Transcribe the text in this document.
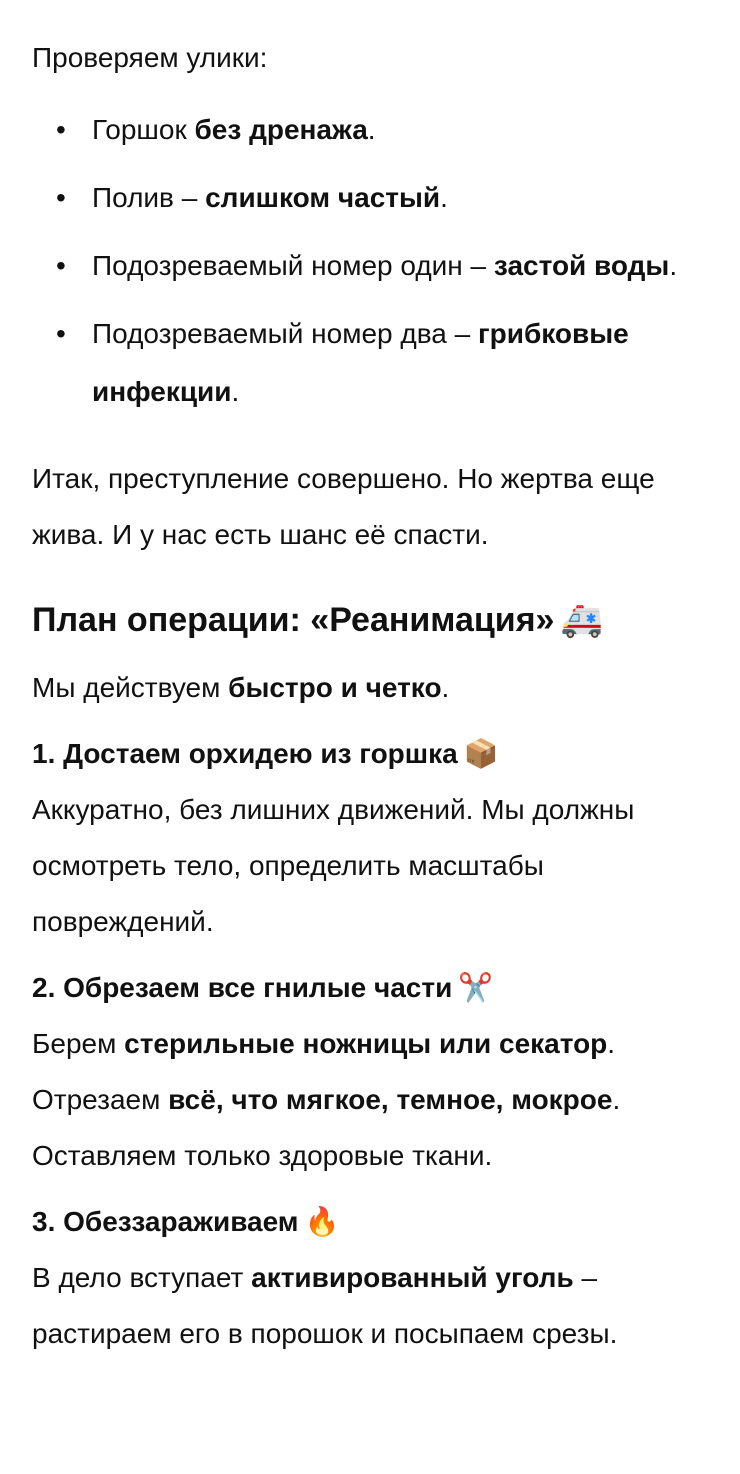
Проверяем улики:

• Горшок без дренажа.
• Полив – слишком частый.
• Подозреваемый номер один – застой воды.
• Подозреваемый номер два – грибковые инфекции.

Итак, преступление совершено. Но жертва еще жива. И у нас есть шанс её спасти.

План операции: «Реанимация» 🚑

Мы действуем быстро и четко.

1. Достаем орхидею из горшка 📦

Аккуратно, без лишних движений. Мы должны осмотреть тело, определить масштабы повреждений.

2. Обрезаем все гнилые части ✂️

Берем стерильные ножницы или секатор.

Отрезаем всё, что мягкое, темное, мокрое.

Оставляем только здоровые ткани.

3. Обеззараживаем 🔥

В дело вступает активированный уголь – растираем его в порошок и посыпаем срезы.
